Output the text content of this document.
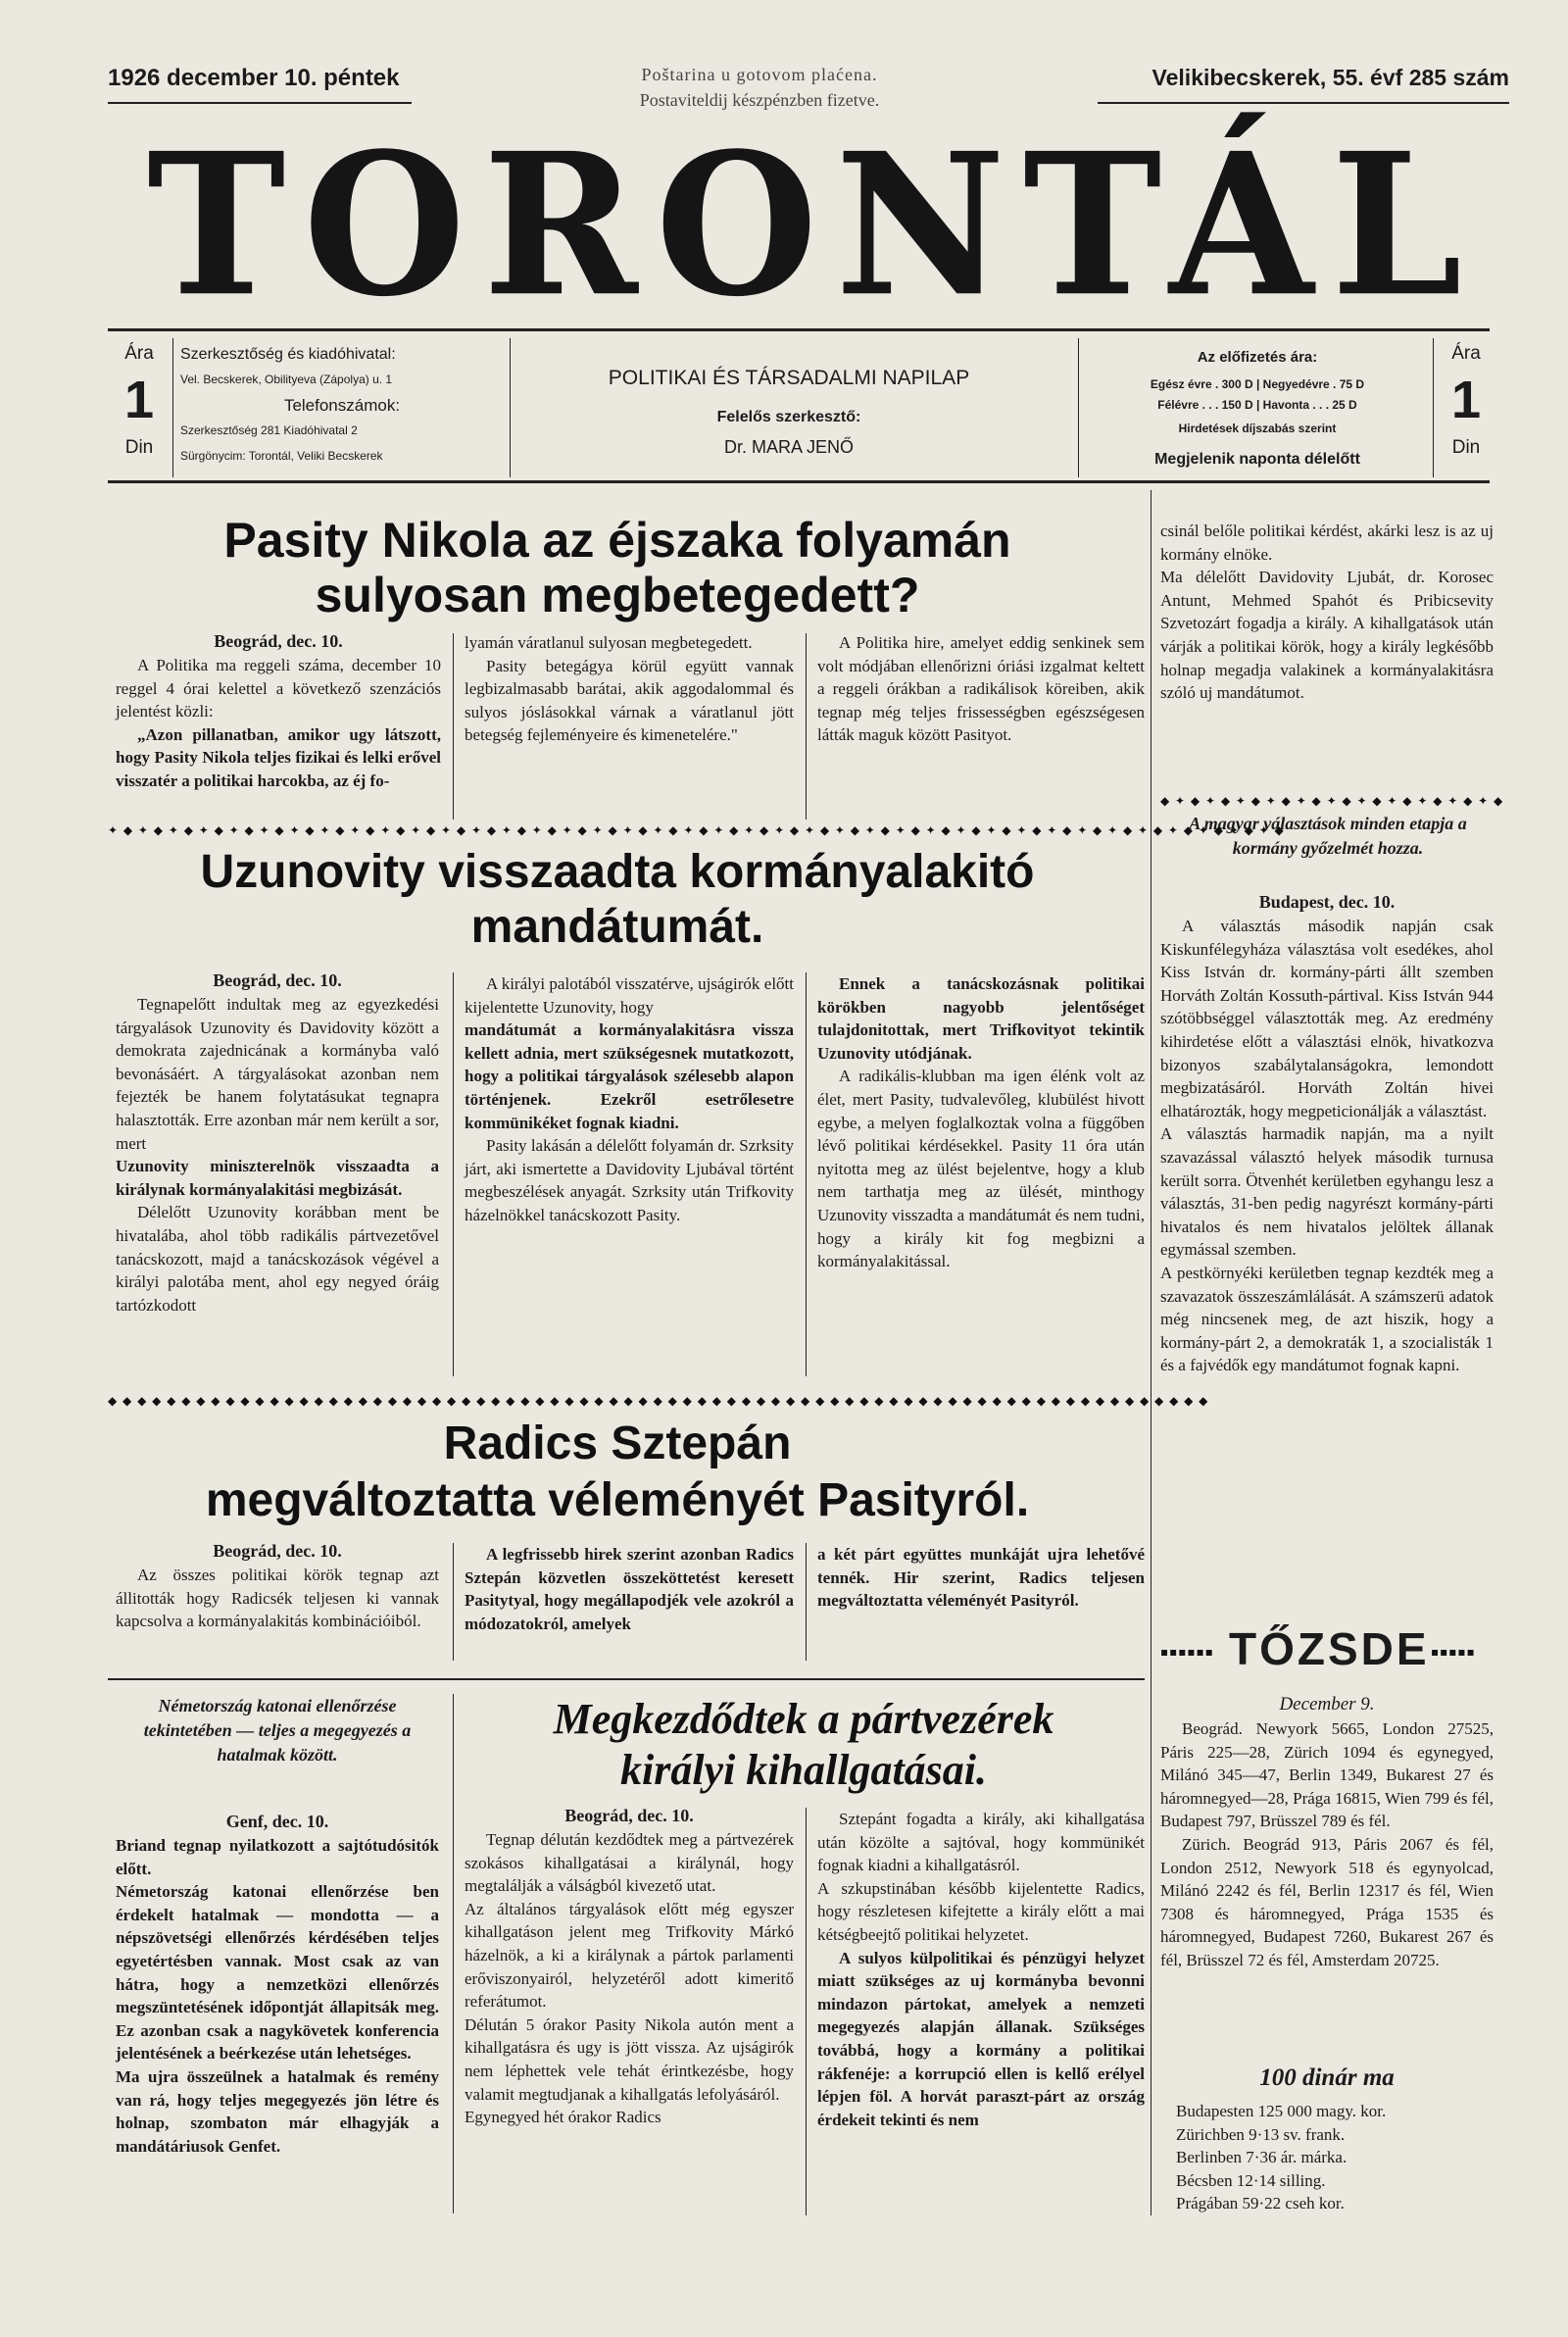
1926 december 10. péntek	Poštarina u gotovom plaćena.
Postaviteldij készpénzben fizetve.
Velikibecskerek, 55. évf 285 szám
TORONTÁL
Ára
1
Din
Szerkesztőség és kiadóhivatal:
Vel. Becskerek, Obilityeva (Zápolya) u. 1
Telefonszámok:
Szerkesztőség 281 Kiadóhivatal 2
Sürgönycim: Torontál, Veliki Becskerek
POLITIKAI ÉS TÁRSADALMI NAPILAP
Felelős szerkesztő:
Dr. MARA JENŐ
Az előfizetés ára:
Egész évre . 300 D | Negyedévre . 75 D
Félévre . . . 150 D | Havonta . . . 25 D
Hirdetések díjszabás szerint
Megjelenik naponta délelőtt
Ára
1
Din
Pasity Nikola az éjszaka folyamán
sulyosan megbetegedett?
Beográd, dec. 10.

A Politika ma reggeli száma, december 10 reggel 4 órai kelettel a következő szenzációs jelentést közli:

„Azon pillanatban, amikor ugy látszott, hogy Pasity Nikola teljes fizikai és lelki erővel visszatér a politikai harcokba, az éj fo-

lyamán váratlanul sulyosan megbetegedett.

Pasity betegágya körül együtt vannak legbizalmasabb barátai, akik aggodalommal és sulyos jóslásokkal várnak a váratlanul jött betegség fejleményeire és kimenetelére."

A Politika hire, amelyet eddig senkinek sem volt módjában ellenőrizni óriási izgalmat keltett a reggeli órákban a radikálisok köreiben, akik tegnap még teljes frissességben egészségesen látták maguk között Pasityot.

✦ ◆ ✦ ◆ ✦ ◆ ✦ ◆ ✦ ◆ ✦ ◆ ✦ ◆ ✦ ◆ ✦ ◆ ✦ ◆ ✦ ◆ ✦ ◆ ✦ ◆ ✦ ◆ ✦ ◆ ✦ ◆ ✦ ◆ ✦ ◆ ✦ ◆ ✦ ◆ ✦ ◆ ✦ ◆ ✦ ◆ ✦ ◆ ✦ ◆ ✦ ◆ ✦ ◆ ✦ ◆ ✦ ◆ ✦ ◆ ✦ ◆ ✦ ◆ ✦ ◆ ✦ ◆ ✦ ◆ ✦ ◆ ✦ ◆ ✦ ◆ ✦ ◆
Uzunovity visszaadta kormányalakitó
mandátumát.
Beográd, dec. 10.

Tegnapelőtt indultak meg az egyezkedési tárgyalások Uzunovity és Davidovity között a demokrata zajednicának a kormányba való bevonásáért. A tárgyalásokat azonban nem fejezték be hanem folytatásukat tegnapra halasztották. Erre azonban már nem került a sor, mert

Uzunovity miniszterelnök visszaadta a királynak kormányalakitási megbizását.

Délelőtt Uzunovity korábban ment be hivatalába, ahol több radikális pártvezetővel tanácskozott, majd a tanácskozások végével a királyi palotába ment, ahol egy negyed óráig tartózkodott

A királyi palotából visszatérve, ujságirók előtt kijelentette Uzunovity, hogy

mandátumát a kormányalakitásra vissza kellett adnia, mert szükségesnek mutatkozott, hogy a politikai tárgyalások szélesebb alapon történjenek. Ezekről esetrőlesetre kommünikéket fognak kiadni.

Pasity lakásán a délelőtt folyamán dr. Szrksity járt, aki ismertette a Davidovity Ljubával történt megbeszélések anyagát. Szrksity után Trifkovity házelnökkel tanácskozott Pasity.

Ennek a tanácskozásnak politikai körökben nagyobb jelentőséget tulajdonitottak, mert Trifkovityot tekintik Uzunovity utódjának.

A radikális-klubban ma igen élénk volt az élet, mert Pasity, tudvalevőleg, klubülést hivott egybe, a melyen foglalkoztak volna a függőben lévő politikai kérdésekkel. Pasity 11 óra után nyitotta meg az ülést bejelentve, hogy a klub nem tarthatja meg az ülését, minthogy Uzunovity visszadta a mandátumát és nem tudni, hogy a király kit fog megbizni a kormányalakitással.

◆ ◆ ◆ ◆ ◆ ◆ ◆ ◆ ◆ ◆ ◆ ◆ ◆ ◆ ◆ ◆ ◆ ◆ ◆ ◆ ◆ ◆ ◆ ◆ ◆ ◆ ◆ ◆ ◆ ◆ ◆ ◆ ◆ ◆ ◆ ◆ ◆ ◆ ◆ ◆ ◆ ◆ ◆ ◆ ◆ ◆ ◆ ◆ ◆ ◆ ◆ ◆ ◆ ◆ ◆ ◆ ◆ ◆ ◆ ◆ ◆ ◆ ◆ ◆ ◆ ◆ ◆ ◆ ◆ ◆ ◆ ◆ ◆ ◆ ◆
Radics Sztepán
megváltoztatta véleményét Pasityról.
Beográd, dec. 10.

Az összes politikai körök tegnap azt állitották hogy Radicsék teljesen ki vannak kapcsolva a kormányalakitás kombinációiból.

A legfrissebb hirek szerint azonban Radics Sztepán közvetlen összeköttetést keresett Pasitytyal, hogy megállapodjék vele azokról a módozatokról, amelyek

a két párt együttes munkáját ujra lehetővé tennék. Hir szerint, Radics teljesen megváltoztatta véleményét Pasityról.

Németország katonai ellenőrzése tekintetében — teljes a megegyezés a hatalmak között.
Genf, dec. 10.

Briand tegnap nyilatkozott a sajtótudósitók előtt.
Németország katonai ellenőrzése ben érdekelt hatalmak — mondotta — a népszövetségi ellenőrzés kérdésében teljes egyetértésben vannak. Most csak az van hátra, hogy a nemzetközi ellenőrzés megszüntetésének időpontját állapitsák meg. Ez azonban csak a nagykövetek konferencia jelentésének a beérkezése után lehetséges.
Ma ujra összeülnek a hatalmak és remény van rá, hogy teljes megegyezés jön létre és holnap, szombaton már elhagyják a mandátáriusok Genfet.

Megkezdődtek a pártvezérek
királyi kihallgatásai.
Beográd, dec. 10.

Tegnap délután kezdődtek meg a pártvezérek szokásos kihallgatásai a királynál, hogy megtalálják a válságból kivezető utat.
Az általános tárgyalások előtt még egyszer kihallgatáson jelent meg Trifkovity Márkó házelnök, a ki a királynak a pártok parlamenti erőviszonyairól, helyzetéről adott kimeritő referátumot.
Délután 5 órakor Pasity Nikola autón ment a kihallgatásra és ugy is jött vissza. Az ujságirók nem léphettek vele tehát érintkezésbe, hogy valamit megtudjanak a kihallgatás lefolyásáról.
Egynegyed hét órakor Radics

Sztepánt fogadta a király, aki kihallgatása után közölte a sajtóval, hogy kommünikét fognak kiadni a kihallgatásról.
A szkupstinában később kijelentette Radics, hogy részletesen kifejtette a király előtt a mai kétségbeejtő politikai helyzetet.

A sulyos külpolitikai és pénzügyi helyzet miatt szükséges az uj kormányba bevonni mindazon pártokat, amelyek a nemzeti megegyezés alapján állanak. Szükséges továbbá, hogy a kormány a politikai rákfenéje: a korrupció ellen is kellő erélyel lépjen föl. A horvát paraszt-párt az ország érdekeit tekinti és nem

csinál belőle politikai kérdést, akárki lesz is az uj kormány elnöke.
Ma délelőtt Davidovity Ljubát, dr. Korosec Antunt, Mehmed Spahót és Pribicsevity Szvetozárt fogadja a király. A kihallgatások után várják a politikai körök, hogy a király legkésőbb holnap megadja valakinek a kormányalakitásra szóló uj mandátumot.

◆ ✦ ◆ ✦ ◆ ✦ ◆ ✦ ◆ ✦ ◆ ✦ ◆ ✦ ◆ ✦ ◆ ✦ ◆ ✦ ◆ ✦ ◆
A magyar választások minden etapja a kormány győzelmét hozza.
Budapest, dec. 10.

A választás második napján csak Kiskunfélegyháza választása volt esedékes, ahol Kiss István dr. kormány-párti állt szemben Horváth Zoltán Kossuth-pártival. Kiss István 944 szótöbbséggel választották meg. Az eredmény kihirdetése előtt a választási elnök, hivatkozva bizonyos szabálytalanságokra, lemondott megbizatásáról. Horváth Zoltán hivei elhatározták, hogy megpeticionálják a választást.
A választás harmadik napján, ma a nyilt szavazással választó helyek második turnusa került sorra. Ötvenhét kerületben egyhangu lesz a választás, 31-ben pedig nagyrészt kormány-párti hivatalos és nem hivatalos jelöltek állanak egymással szemben.
A pestkörnyéki kerületben tegnap kezdték meg a szavazatok összeszámlálását. A számszerü adatok még nincsenek meg, de azt hiszik, hogy a kormány-párt 2, a demokraták 1, a szocialisták 1 és a fajvédők egy mandátumot fognak kapni.

▪▪▪▪▪▪ TŐZSDE ▪▪▪▪▪
December 9.

Beográd. Newyork 5665, London 27525, Páris 225—28, Zürich 1094 és egynegyed, Milánó 345—47, Berlin 1349, Bukarest 27 és háromnegyed—28, Prága 16815, Wien 799 és fél, Budapest 797, Brüsszel 789 és fél.

Zürich. Beográd 913, Páris 2067 és fél, London 2512, Newyork 518 és egynyolcad, Milánó 2242 és fél, Berlin 12317 és fél, Wien 7308 és háromnegyed, Prága 1535 és háromnegyed, Budapest 7260, Bukarest 267 és fél, Brüsszel 72 és fél, Amsterdam 20725.

100 dinár ma
Budapesten 125 000 magy. kor.
Zürichben 9·13 sv. frank.
Berlinben 7·36 ár. márka.
Bécsben 12·14 silling.
Prágában 59·22 cseh kor.
